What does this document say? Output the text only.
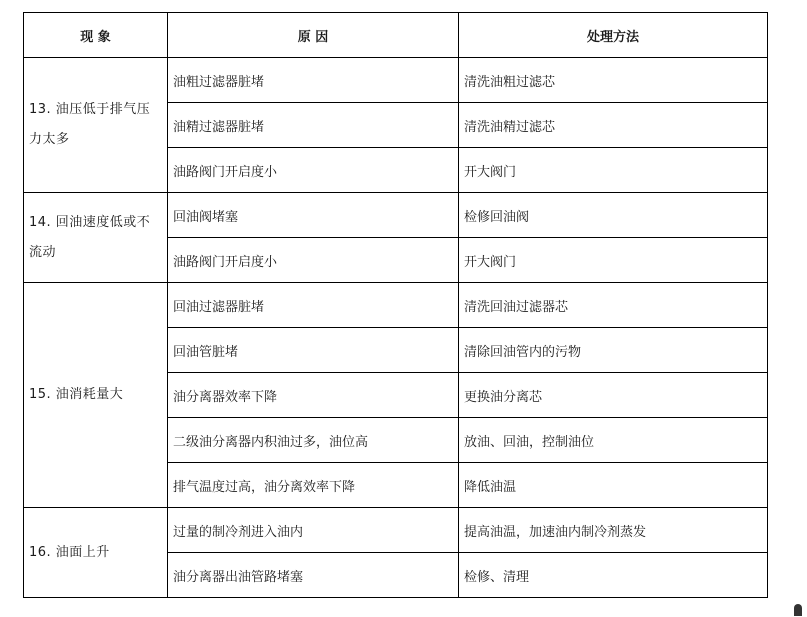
现 象	原 因	处理方法
13. 油压低于排气压力太多	油粗过滤器脏堵	清洗油粗过滤芯
	油精过滤器脏堵	清洗油精过滤芯
	油路阀门开启度小	开大阀门
14. 回油速度低或不流动	回油阀堵塞	检修回油阀
	油路阀门开启度小	开大阀门
15. 油消耗量大	回油过滤器脏堵	清洗回油过滤器芯
	回油管脏堵	清除回油管内的污物
	油分离器效率下降	更换油分离芯
	二级油分离器内积油过多，油位高	放油、回油，控制油位
	排气温度过高，油分离效率下降	降低油温
16. 油面上升	过量的制冷剂进入油内	提高油温，加速油内制冷剂蒸发
	油分离器出油管路堵塞	检修、清理
